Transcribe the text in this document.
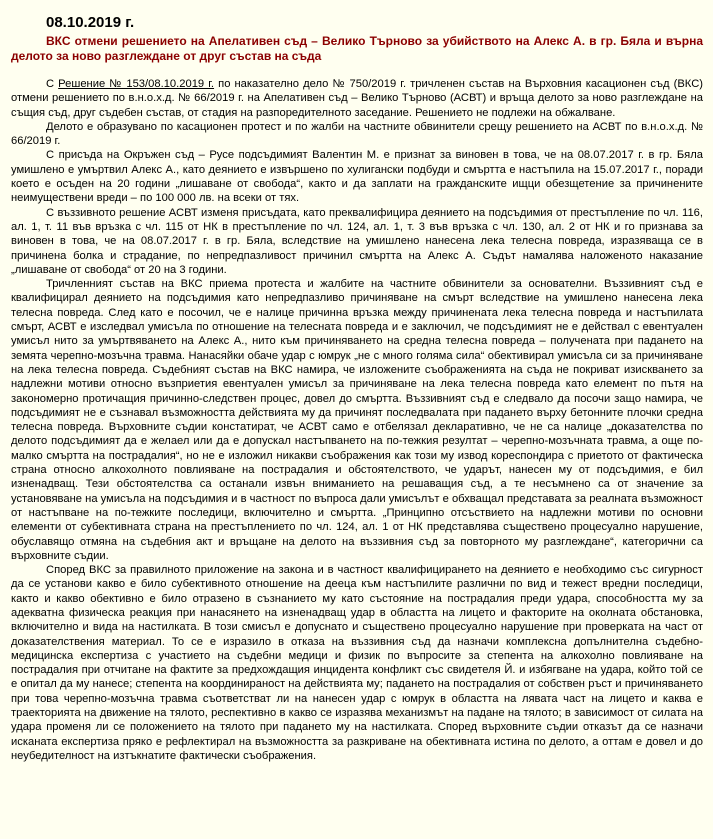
08.10.2019 г.
ВКС отмени решението на Апелативен съд – Велико Търново за убийството на Алекс А. в гр. Бяла и върна делото за ново разглеждане от друг състав на съда

С Решение № 153/08.10.2019 г. по наказателно дело № 750/2019 г. тричленен състав на Върховния касационен съд (ВКС) отмени решението по в.н.о.х.д. № 66/2019 г. на Апелативен съд – Велико Търново (АСВТ) и връща делото за ново разглеждане на същия съд, друг съдебен състав, от стадия на разпоредителното заседание. Решението не подлежи на обжалване.

Делото е образувано по касационен протест и по жалби на частните обвинители срещу решението на АСВТ по в.н.о.х.д. № 66/2019 г.

С присъда на Окръжен съд – Русе подсъдимият Валентин М. е признат за виновен в това, че на 08.07.2017 г. в гр. Бяла умишлено е умъртвил Алекс А., като деянието е извършено по хулигански подбуди и смъртта е настъпила на 15.07.2017 г., поради което е осъден на 20 години „лишаване от свобода“, както и да заплати на гражданските ищци обезщетение за причинените неимуществени вреди – по 100 000 лв. на всеки от тях.

С въззивното решение АСВТ изменя присъдата, като преквалифицира деянието на подсъдимия от престъпление по чл. 116, ал. 1, т. 11 във връзка с чл. 115 от НК в престъпление по чл. 124, ал. 1, т. 3 във връзка с чл. 130, ал. 2 от НК и го признава за виновен в това, че на 08.07.2017 г. в гр. Бяла, вследствие на умишлено нанесена лека телесна повреда, изразяваща се в причинена болка и страдание, по непредпазливост причинил смъртта на Алекс А. Съдът намалява наложеното наказание „лишаване от свобода“ от 20 на 3 години.

Тричленният състав на ВКС приема протеста и жалбите на частните обвинители за основателни. Въззивният съд е квалифицирал деянието на подсъдимия като непредпазливо причиняване на смърт вследствие на умишлено нанесена лека телесна повреда. След като е посочил, че е налице причинна връзка между причинената лека телесна повреда и настъпилата смърт, АСВТ е изследвал умисъла по отношение на телесната повреда и е заключил, че подсъдимият не е действал с евентуален умисъл нито за умъртвяването на Алекс А., нито към причиняването на средна телесна повреда – получената при падането на земята черепно-мозъчна травма. Нанасяйки обаче удар с юмрук „не с много голяма сила“ обективирал умисъла си за причиняване на лека телесна повреда. Съдебният състав на ВКС намира, че изложените съображенията на съда не покриват изискването за надлежни мотиви относно възприетия евентуален умисъл за причиняване на лека телесна повреда като елемент по пътя на закономерно протичащия причинно-следствен процес, довел до смъртта. Въззивният съд е следвало да посочи защо намира, че подсъдимият не е съзнавал възможността действията му да причинят последвалата при падането върху бетонните плочки средна телесна повреда. Върховните съдии констатират, че АСВТ само е отбелязал декларативно, че не са налице „доказателства по делото подсъдимият да е желаел или да е допускал настъпването на по-тежкия резултат – черепно-мозъчната травма, а още по-малко смъртта на пострадалия“, но не е изложил никакви съображения как този му извод кореспондира с приетото от фактическа страна относно алкохолното повлияване на пострадалия и обстоятелството, че ударът, нанесен му от подсъдимия, е бил изненадващ. Тези обстоятелства са останали извън вниманието на решаващия съд, а те несъмнено са от значение за установяване на умисъла на подсъдимия и в частност по въпроса дали умисълът е обхващал представата за реалната възможност от настъпване на по-тежките последици, включително и смъртта. „Принципно отсъствието на надлежни мотиви по основни елементи от субективната страна на престъплението по чл. 124, ал. 1 от НК представлява съществено процесуално нарушение, обуславящо отмяна на съдебния акт и връщане на делото на въззивния съд за повторното му разглеждане“, категорични са върховните съдии.

Според ВКС за правилното приложение на закона и в частност квалифицирането на деянието е необходимо със сигурност да се установи какво е било субективното отношение на дееца към настъпилите различни по вид и тежест вредни последици, както и какво обективно е било отразено в съзнанието му като състояние на пострадалия преди удара, способността му за адекватна физическа реакция при нанасянето на изненадващ удар в областта на лицето и факторите на околната обстановка, включително и вида на настилката. В този смисъл е допуснато и съществено процесуално нарушение при проверката на част от доказателствения материал. То се е изразило в отказа на въззивния съд да назначи комплексна допълнителна съдебно-медицинска експертиза с участието на съдебни медици и физик по въпросите за степента на алкохолно повлияване на пострадалия при отчитане на фактите за предхождащия инцидента конфликт със свидетеля Й. и избягване на удара, който той се е опитал да му нанесе; степента на координираност на действията му; падането на пострадалия от собствен ръст и причиняването при това черепно-мозъчна травма съответстват ли на нанесен удар с юмрук в областта на лявата част на лицето и каква е траекторията на движение на тялото, респективно в какво се изразява механизмът на падане на тялото; в зависимост от силата на удара променя ли се положението на тялото при падането му на настилката. Според върховните съдии отказът да се назначи исканата експертиза пряко е рефлектирал на възможността за разкриване на обективната истина по делото, а оттам е довел и до неубедителност на изтъкнатите фактически съображения.
